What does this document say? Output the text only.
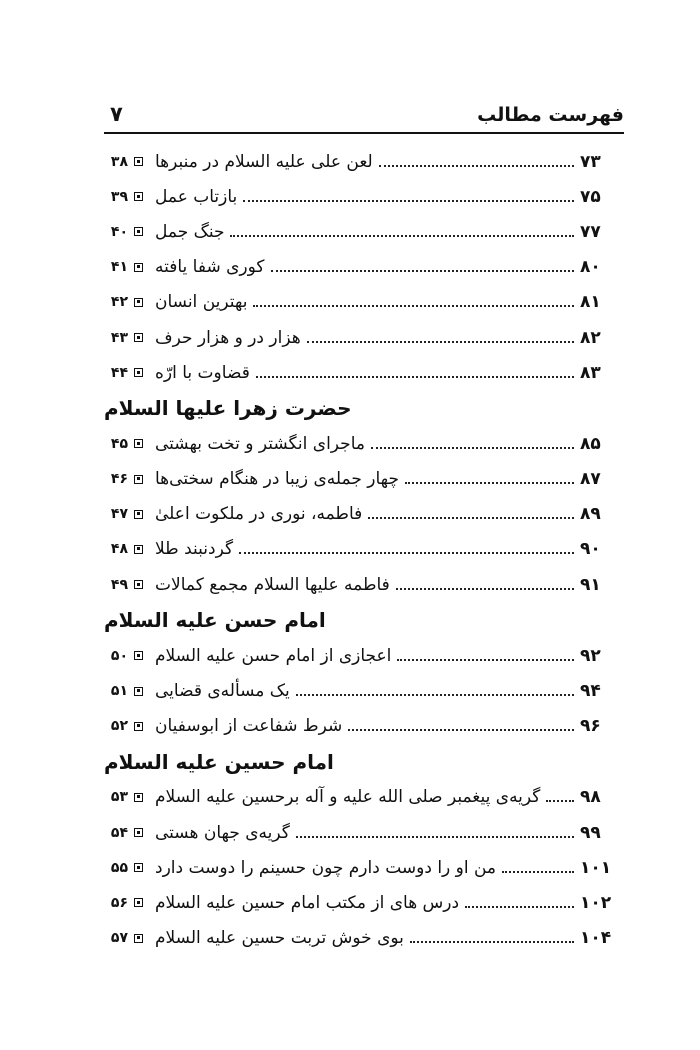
فهرست مطالب
۷
۳۸ لعن علی عليه السلام در منبرها	۷۳
۳۹ بازتاب عمل	۷۵
۴۰ جنگ جمل	۷۷
۴۱ کوری شفا یافته	۸۰
۴۲ بهترین انسان	۸۱
۴۳ هزار در و هزار حرف	۸۲
۴۴ قضاوت با ارّه	۸۳
حضرت زهرا عليها السلام
۴۵ ماجرای انگشتر و تخت بهشتی	۸۵
۴۶ چهار جمله‌ی زیبا در هنگام سختی‌ها	۸۷
۴۷ فاطمه، نوری در ملکوت اعلیٰ	۸۹
۴۸ گردنبند طلا	۹۰
۴۹ فاطمه عليها السلام مجمع کمالات	۹۱
امام حسن عليه السلام
۵۰ اعجازی از امام حسن عليه السلام	۹۲
۵۱ یک مسأله‌ی قضایی	۹۴
۵۲ شرط شفاعت از ابوسفیان	۹۶
امام حسین عليه السلام
۵۳ گریه‌ی پیغمبر صلی الله عليه و آله برحسین عليه السلام ۹۸
۵۴ گریه‌ی جهان هستی	۹۹
۵۵ من او را دوست دارم چون حسینم را دوست دارد	۱۰۱
۵۶ درس های از مکتب امام حسین عليه السلام	۱۰۲
۵۷ بوی خوش تربت حسین عليه السلام	۱۰۴
